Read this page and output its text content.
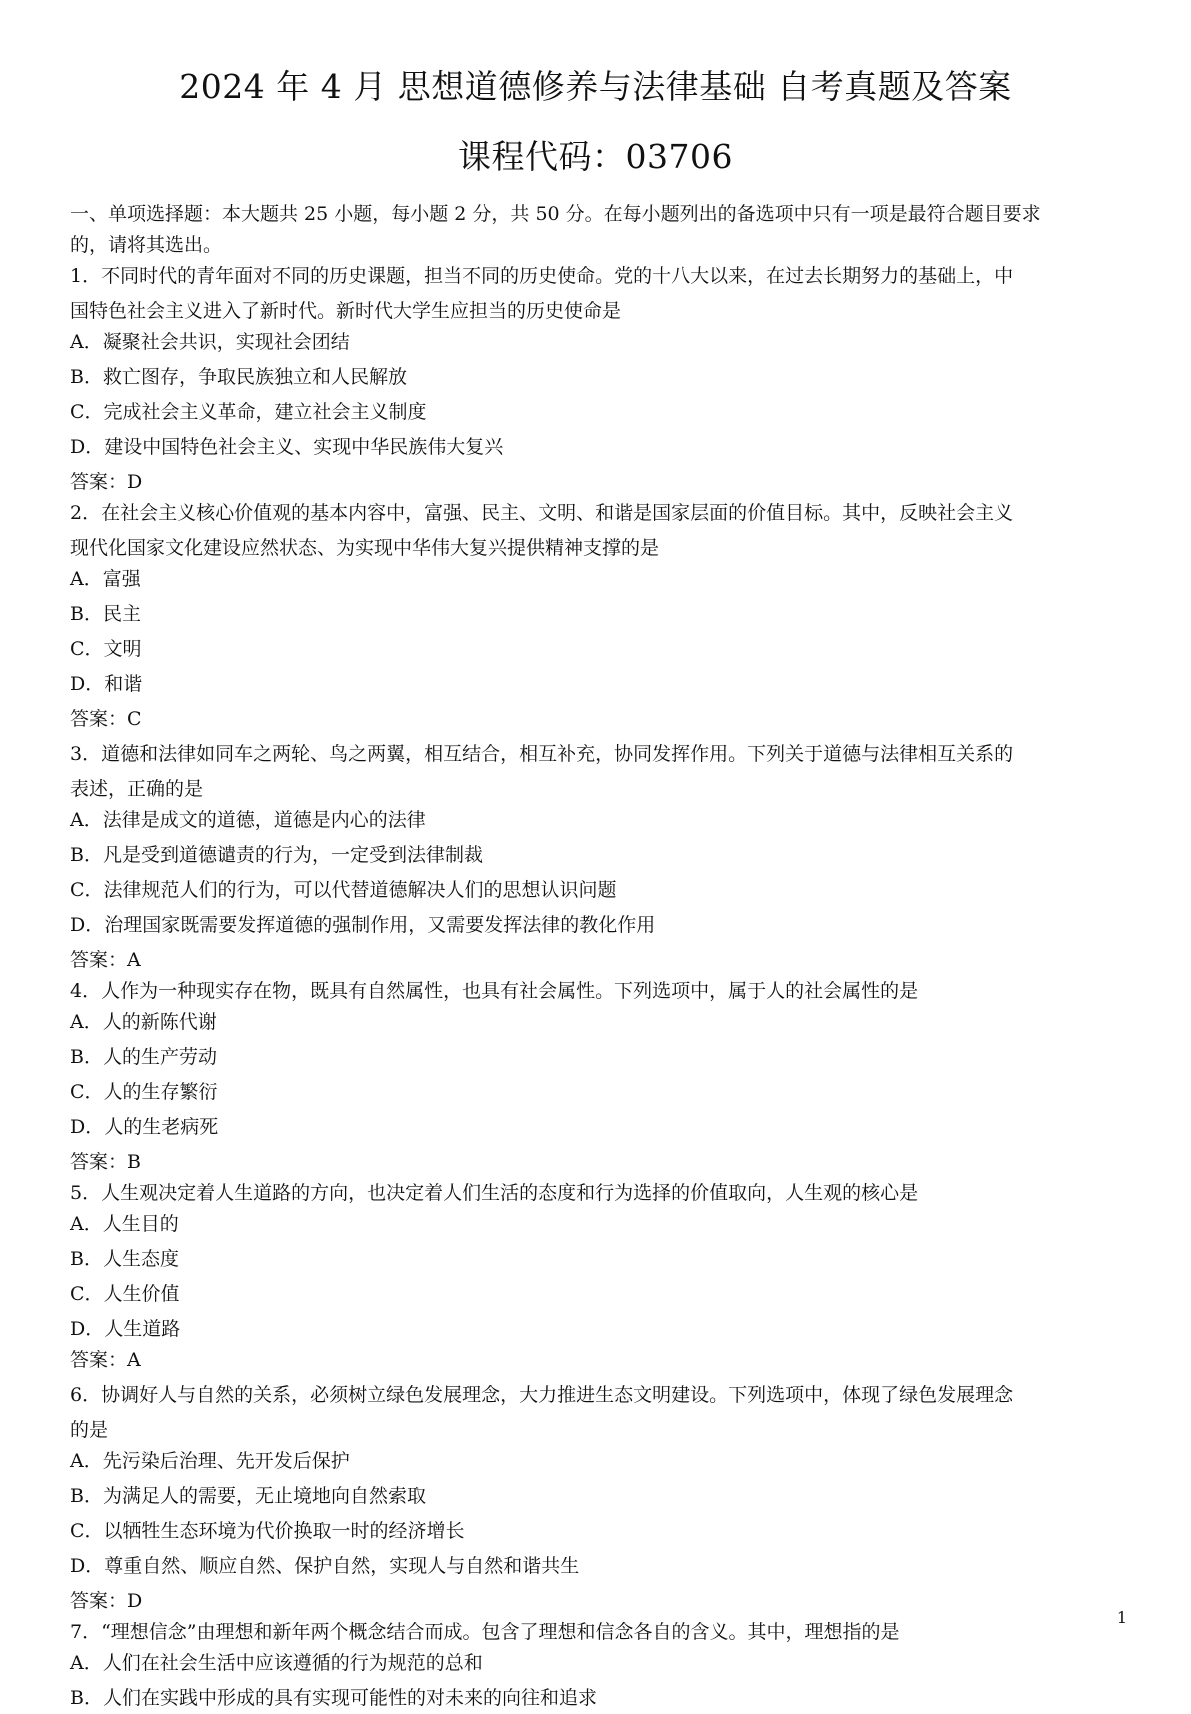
2024 年 4 月 思想道德修养与法律基础 自考真题及答案
课程代码：03706
一、单项选择题：本大题共 25 小题，每小题 2 分，共 50 分。在每小题列出的备选项中只有一项是最符合题目要求
的，请将其选出。
1．不同时代的青年面对不同的历史课题，担当不同的历史使命。党的十八大以来，在过去长期努力的基础上，中
国特色社会主义进入了新时代。新时代大学生应担当的历史使命是
A．凝聚社会共识，实现社会团结
B．救亡图存，争取民族独立和人民解放
C．完成社会主义革命，建立社会主义制度
D．建设中国特色社会主义、实现中华民族伟大复兴
答案：D
2．在社会主义核心价值观的基本内容中，富强、民主、文明、和谐是国家层面的价值目标。其中，反映社会主义
现代化国家文化建设应然状态、为实现中华伟大复兴提供精神支撑的是
A．富强
B．民主
C．文明
D．和谐
答案：C
3．道德和法律如同车之两轮、鸟之两翼，相互结合，相互补充，协同发挥作用。下列关于道德与法律相互关系的
表述，正确的是
A．法律是成文的道德，道德是内心的法律
B．凡是受到道德谴责的行为，一定受到法律制裁
C．法律规范人们的行为，可以代替道德解决人们的思想认识问题
D．治理国家既需要发挥道德的强制作用，又需要发挥法律的教化作用
答案：A
4．人作为一种现实存在物，既具有自然属性，也具有社会属性。下列选项中，属于人的社会属性的是
A．人的新陈代谢
B．人的生产劳动
C．人的生存繁衍
D．人的生老病死
答案：B
5．人生观决定着人生道路的方向，也决定着人们生活的态度和行为选择的价值取向，人生观的核心是
A．人生目的
B．人生态度
C．人生价值
D．人生道路
答案：A
6．协调好人与自然的关系，必须树立绿色发展理念，大力推进生态文明建设。下列选项中，体现了绿色发展理念
的是
A．先污染后治理、先开发后保护
B．为满足人的需要，无止境地向自然索取
C．以牺牲生态环境为代价换取一时的经济增长
D．尊重自然、顺应自然、保护自然，实现人与自然和谐共生
答案：D
7．“理想信念”由理想和新年两个概念结合而成。包含了理想和信念各自的含义。其中，理想指的是
A．人们在社会生活中应该遵循的行为规范的总和
B．人们在实践中形成的具有实现可能性的对未来的向往和追求
1
